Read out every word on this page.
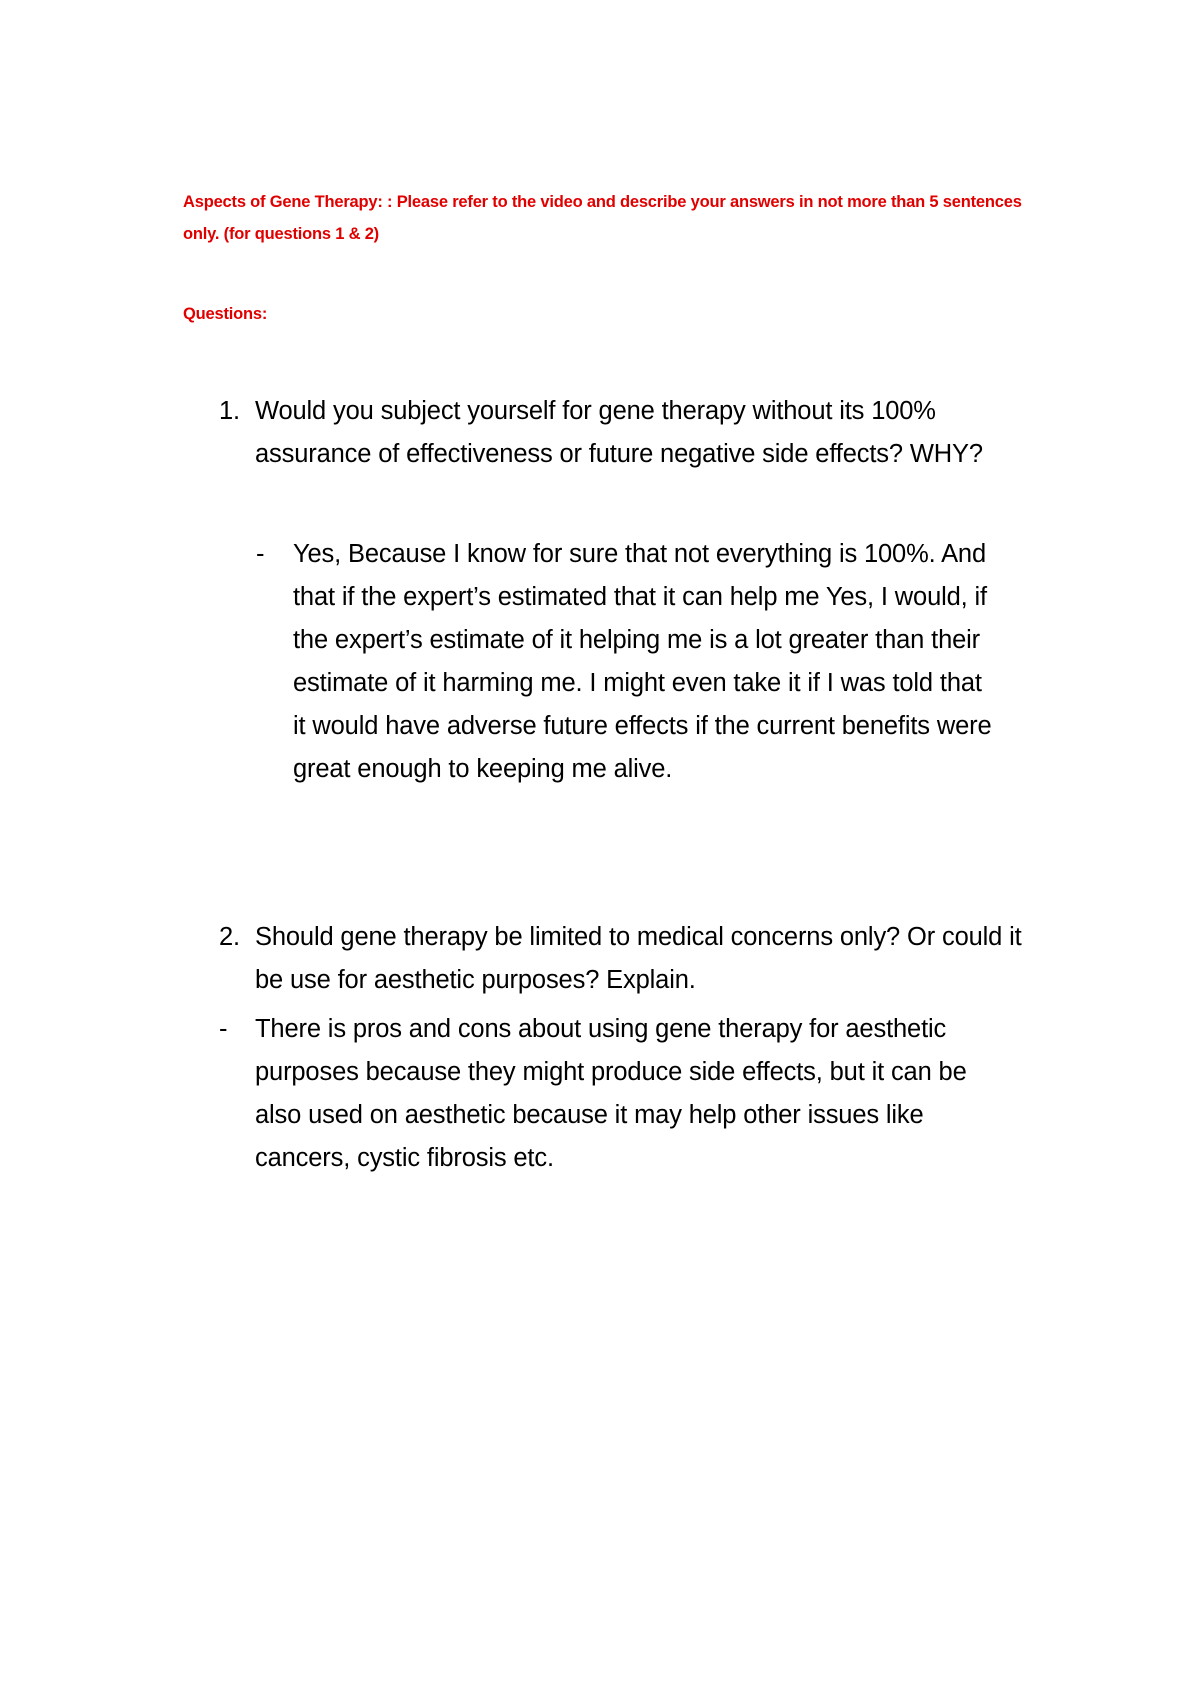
Aspects of Gene Therapy: : Please refer to the video and describe your answers in not more than 5 sentences only. (for questions 1 & 2)
Questions:
1. Would you subject yourself for gene therapy without its 100% assurance of effectiveness or future negative side effects? WHY?
-	Yes, Because I know for sure that not everything is 100%. And that if the expert’s estimated that it can help me Yes, I would, if the expert’s estimate of it helping me is a lot greater than their estimate of it harming me. I might even take it if I was told that it would have adverse future effects if the current benefits were great enough to keeping me alive.
2. Should gene therapy be limited to medical concerns only? Or could it be use for aesthetic purposes? Explain.
-	There is pros and cons about using gene therapy for aesthetic purposes because they might produce side effects, but it can be also used on aesthetic because it may help other issues like cancers, cystic fibrosis etc.
